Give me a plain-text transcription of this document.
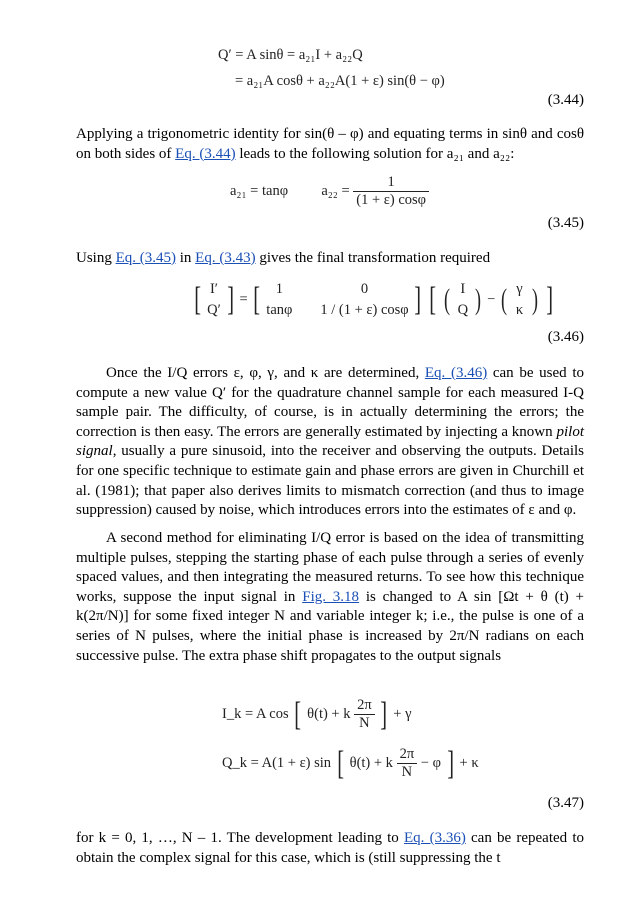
Q′ = A sinθ = a₂₁I + a₂₂Q
= a₂₁A cosθ + a₂₂A(1 + ε) sin(θ − φ)
(3.44)
Applying a trigonometric identity for sin(θ – φ) and equating terms in sinθ and cosθ on both sides of Eq. (3.44) leads to the following solution for a₂₁ and a₂₂:
a₂₁ = tanφ $a_{22} = \frac{1}{(1 + \varepsilon) \cos\varphi}$
(3.45)
Using Eq. (3.45) in Eq. (3.43) gives the final transformation required
[ I′
Q′ ] = [	1	0
tanφ 1 / (1 + ε) cosφ ] [ ( I
Q ) − ( γ
κ ) ]
(3.46)
Once the I/Q errors ε, φ, γ, and κ are determined, Eq. (3.46) can be used to compute a new value Q′ for the quadrature channel sample for each measured I-Q sample pair. The difficulty, of course, is in actually determining the errors; the correction is then easy. The errors are generally estimated by injecting a known pilot signal, usually a pure sinusoid, into the receiver and observing the outputs. Details for one specific technique to estimate gain and phase errors are given in Churchill et al. (1981); that paper also derives limits to mismatch correction (and thus to image suppression) caused by noise, which introduces errors into the estimates of ε and φ.
A second method for eliminating I/Q error is based on the idea of transmitting multiple pulses, stepping the starting phase of each pulse through a series of evenly spaced values, and then integrating the measured returns. To see how this technique works, suppose the input signal in Fig. 3.18 is changed to A sin [Ωt + θ (t) + k(2π/N)] for some fixed integer N and variable integer k; i.e., the pulse is one of a series of N pulses, where the initial phase is increased by 2π/N radians on each successive pulse. The extra phase shift propagates to the output signals
I_k = A cos [ θ(t) + k $\frac{2\pi}{N}$ ] + γ
Q_k = A(1 + ε) sin [ θ(t) + k $\frac{2\pi}{N} - \varphi$ ] + κ
(3.47)
for k = 0, 1, …, N – 1. The development leading to Eq. (3.36) can be repeated to obtain the complex signal for this case, which is (still suppressing the t
